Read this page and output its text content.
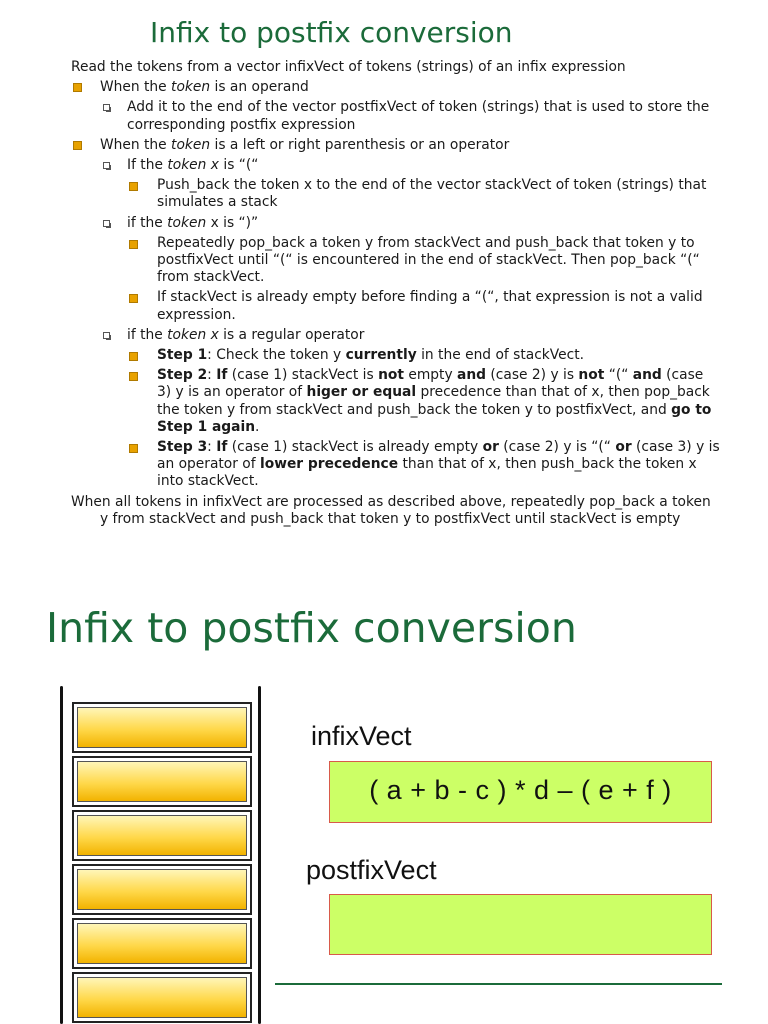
Infix to postfix conversion

Read the tokens from a vector infixVect of tokens (strings) of an infix expression

When the token is an operand

Add it to the end of the vector postfixVect of token (strings) that is used to store the corresponding postfix expression

When the token is a left or right parenthesis or an operator

If the token x is “(“

Push_back the token x to the end of the vector stackVect of token (strings) that simulates a stack

if the token x is “)”

Repeatedly pop_back a token y from stackVect and push_back that token y to postfixVect until “(“ is encountered in the end of stackVect. Then pop_back “(“ from stackVect.

If stackVect is already empty before finding a “(“, that expression is not a valid expression.

if the token x is a regular operator

Step 1: Check the token y currently in the end of stackVect.

Step 2: If (case 1) stackVect is not empty and (case 2) y is not “(“ and (case 3) y is an operator of higer or equal precedence than that of x, then pop_back the token y from stackVect and push_back the token y to postfixVect, and go to Step 1 again.

Step 3: If (case 1) stackVect is already empty or (case 2) y is “(“ or (case 3) y is an operator of lower precedence than that of x, then push_back the token x into stackVect.

When all tokens in infixVect are processed as described above, repeatedly pop_back a token y from stackVect and push_back that token y to postfixVect until stackVect is empty

Infix to postfix conversion
infixVect
( a + b - c ) * d – ( e + f )
postfixVect
